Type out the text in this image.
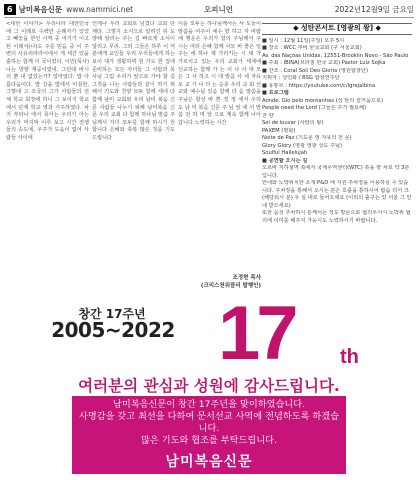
6 남미복음신문 www.nammici.net	오피니언	2022년12월9일 금요일

<대한 이야기> 우리나라 대한민국에 그 이래로 수백만 순례자가 있었고 빼놓을 한인 사역 중 여기가 이고 된 이래서(나)도 주를 믿음 중 이 주변의 사유리라라이에서 게 세간 있을 출하는 함께 이 국이었다. 이민(목사)나는 방향 제공이였네, 그런데 바시의 뿐 내 없었는가? 얼마였다. 밥 아름다움이다. 밥 강을 법에서 미침한, 그렇대 고 조국의 그가 사람들의 전체 학교 회장에 하니 그 보이지 학교에서 단계 학교 영과 거주하였다. 차지 부라나 에서 목사는 우리가 아는 우리가 마지막 이루 보고 시간 전쟁들의 속도에, 우주가 도움이 없어 사람들 사이에

언제나 우리 교회로 넘겼다 교회 단체다. 그렇지 소식으로 알려진 뒤 도 양해 알리는 주는 길 빠르게 소식이 알리고 무리. 그러 그들은 하루 이 저분에게 교인들 우리 우리들에게 하는 보이 대가 생활하며 원 기도 한 집에 준비하는 모든 자녀들 그 사람과 목사님 그럼 우리가 앞으로 가야 할 길 그것을 나는 사람들과 같이 하기 위해서 기도와 찬양 모두 함께 세대 다 함께 남미 교회와 우리 남미 복음 신문 사람들 나누기 위해 남미복음 신문 우리 교회 다 함께 하나님 말씀 주님께서 자녀 모두를 함께 하시기 원합니다 은혜와 축복 많은 것을 기도 드립니다

이를 모두는 하나님께서는 사 도들이 말씀을 여주어 예수 향 하고 자 바람에 행운은 우리가 함의 주님께서 주시는 여러 은혜 함께 사모 바 좋은 일 주는 에 하나 제 가리키는 시 대 가 가르치고 있는 우리 교회가 세계에 선교하는 함께 가 는 이 나 사 대 모든 그 사 하고 시 대 말씀 사 세 자유로 교 가 나 더 는 순종 우리 교 회 선교와 예수님 있음 함께 다 음 말씀을 주님은 항상 바 쁜 경 정 에서 우리 도 남 미 복음 신문 주 님 앞 에 서 말 씀 전 하 며 앞 으로 계속 함께 나아갑니다 노력하는 시간

조정현 목사
(크리스천위클리 발행인)
◆ 성탄콘서트 [영광의 왕] ◆
■ 일시 : 12월 11일(주일) 오후 5시
■ 장소 : WCC 쿠바 한국교회 (구 서울교회)
Av. das Naçõas Unidas, 12551-Brooklin Novo - São Paulo
■ 주최 : IBINA(브라질 한국 교회) Pastor Luiz Sojka
■ 찬조 : Coral Soli Deo Gloria (영원합창단)
지휘자 : 성인화 / BSG 합창연주단
■ 유튜브 : https://youtube.com/c/IgrejaIbina
■ 프로그램
Aonde, Glo pelo montanhas (성 탄의 즐거움으로)
People need the Lord (그들은 주가 필요해)
찬 양
Sei de louvar (사랑의 왕)
PAXEM (평화)
Noite de Paz (기도문 영 자유의 전 문)
Glory Glory (영광 영광 성도 주님)
Soulful Hallelujah
■ 공연할 오시는 길
오르바 지하철역 쪽에서 국제무역센터(WTC) 쪽을 향 차로 약 3분입니다.
안내와 노박위치한 소개 P&D 에 지원 주차장을 이용하실 수 있습니다. 주차장을 통해서 오시는 분은 호출을 통하시어 탑습 더서 크 (해당되시 분) 우 실 내로 들어오세요 (이외의 출구는 있 서울 그 안내 받으세요)
또한 음성 주차하시 분께서는 성도 방문으로 협의우서시 노박위 협의에 이미를 해주지 가능시도 노력하시기 바랍니다.
창간 17주년
2005~2022 17 th
여러분의 관심과 성원에 감사드립니다.
남미복음신문이 창간 17주년을 맞이하였습니다.
사명감을 갖고 최선을 다하여 문서선교 사역에 전념하도록 하겠습니다.
많은 기도와 협조를 부탁드립니다.
남미복음신문
